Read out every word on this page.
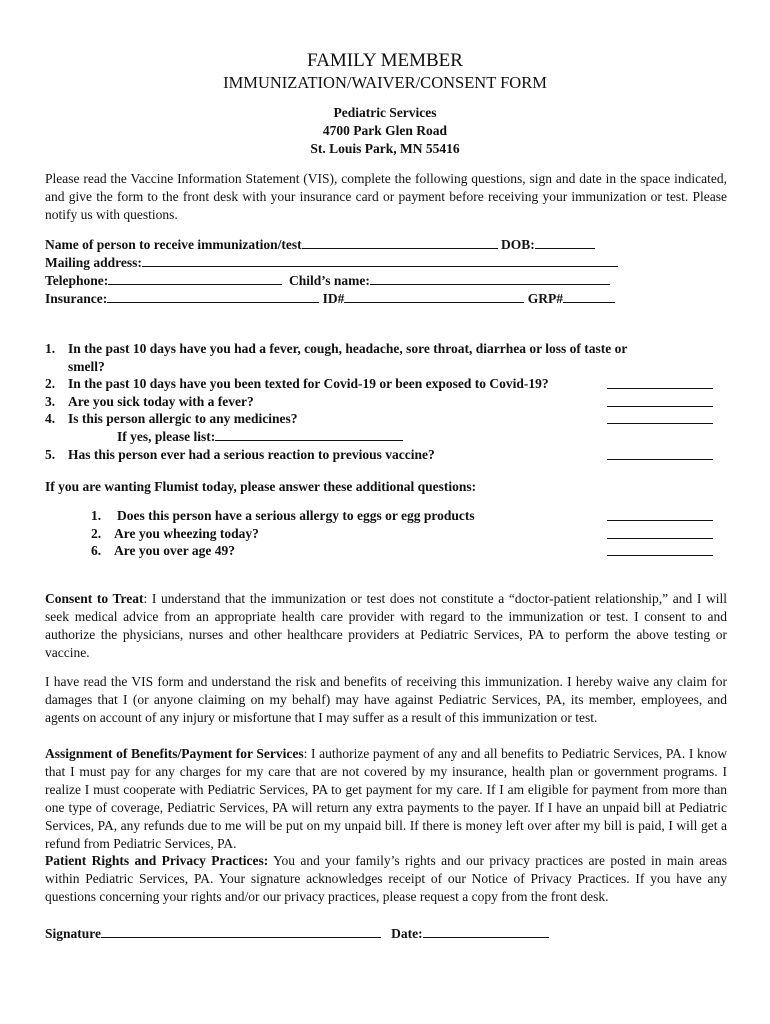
FAMILY MEMBER
IMMUNIZATION/WAIVER/CONSENT FORM
Pediatric Services
4700 Park Glen Road
St. Louis Park, MN 55416
Please read the Vaccine Information Statement (VIS), complete the following questions, sign and date in the space indicated, and give the form to the front desk with your insurance card or payment before receiving your immunization or test. Please notify us with questions.
Name of person to receive immunization/test	DOB:
Mailing address:
Telephone:	Child’s name:
Insurance:	ID#	GRP#
1. In the past 10 days have you had a fever, cough, headache, sore throat, diarrhea or loss of taste or
smell?
2. In the past 10 days have you been texted for Covid-19 or been exposed to Covid-19?
3. Are you sick today with a fever?
4. Is this person allergic to any medicines?
If yes, please list:
5. Has this person ever had a serious reaction to previous vaccine?
If you are wanting Flumist today, please answer these additional questions:
1. Does this person have a serious allergy to eggs or egg products
2. Are you wheezing today?
6. Are you over age 49?
Consent to Treat: I understand that the immunization or test does not constitute a “doctor-patient relationship,” and I will seek medical advice from an appropriate health care provider with regard to the immunization or test. I consent to and authorize the physicians, nurses and other healthcare providers at Pediatric Services, PA to perform the above testing or vaccine.
I have read the VIS form and understand the risk and benefits of receiving this immunization. I hereby waive any claim for damages that I (or anyone claiming on my behalf) may have against Pediatric Services, PA, its member, employees, and agents on account of any injury or misfortune that I may suffer as a result of this immunization or test.
Assignment of Benefits/Payment for Services: I authorize payment of any and all benefits to Pediatric Services, PA. I know that I must pay for any charges for my care that are not covered by my insurance, health plan or government programs. I realize I must cooperate with Pediatric Services, PA to get payment for my care. If I am eligible for payment from more than one type of coverage, Pediatric Services, PA will return any extra payments to the payer. If I have an unpaid bill at Pediatric Services, PA, any refunds due to me will be put on my unpaid bill. If there is money left over after my bill is paid, I will get a refund from Pediatric Services, PA.
Patient Rights and Privacy Practices: You and your family’s rights and our privacy practices are posted in main areas within Pediatric Services, PA. Your signature acknowledges receipt of our Notice of Privacy Practices. If you have any questions concerning your rights and/or our privacy practices, please request a copy from the front desk.
Signature	Date:
